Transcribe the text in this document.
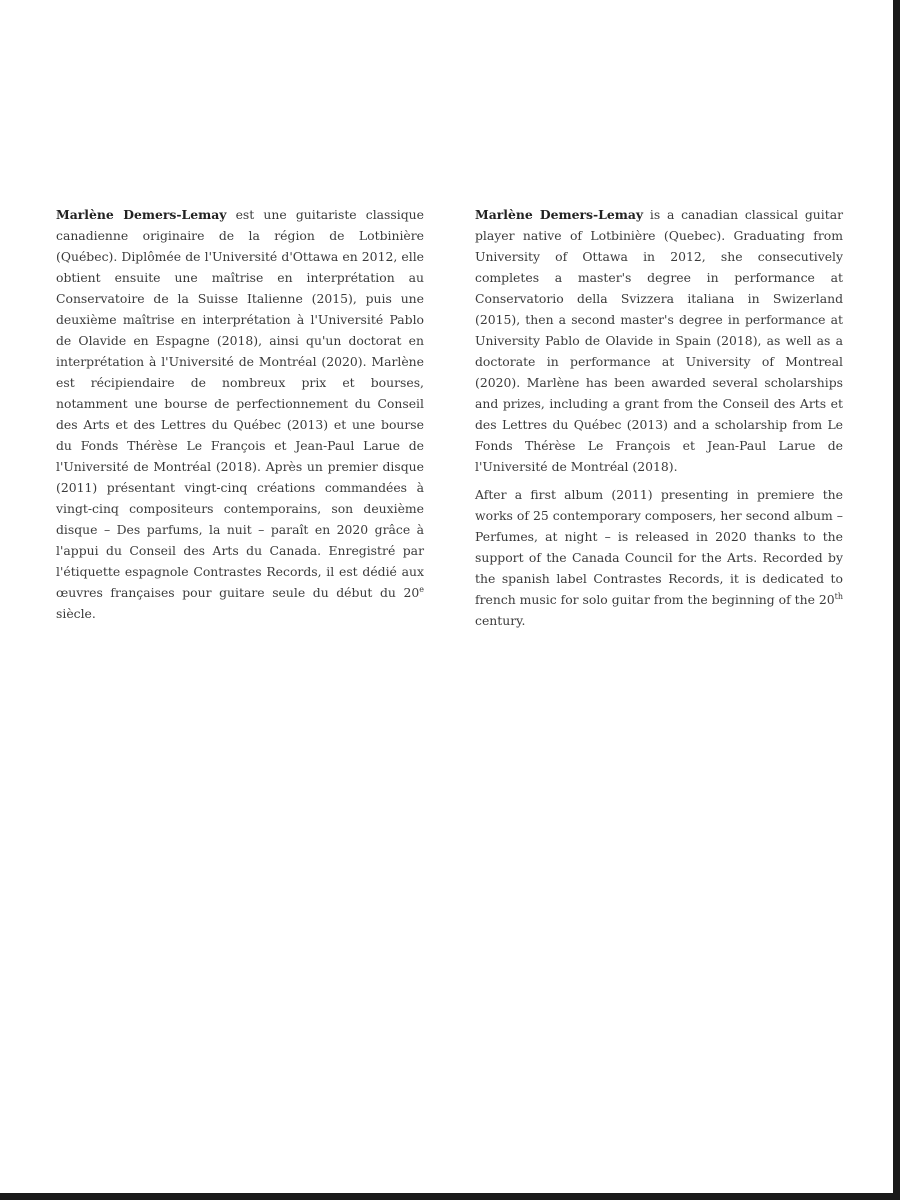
Marlène Demers-Lemay est une guitariste classique canadienne originaire de la région de Lotbinière (Québec). Diplômée de l'Université d'Ottawa en 2012, elle obtient ensuite une maîtrise en interprétation au Conservatoire de la Suisse Italienne (2015), puis une deuxième maîtrise en interprétation à l'Université Pablo de Olavide en Espagne (2018), ainsi qu'un doctorat en interprétation à l'Université de Montréal (2020). Marlène est récipiendaire de nombreux prix et bourses, notamment une bourse de perfectionnement du Conseil des Arts et des Lettres du Québec (2013) et une bourse du Fonds Thérèse Le François et Jean-Paul Larue de l'Université de Montréal (2018). Après un premier disque (2011) présentant vingt-cinq créations commandées à vingt-cinq compositeurs contemporains, son deuxième disque – Des parfums, la nuit – paraît en 2020 grâce à l'appui du Conseil des Arts du Canada. Enregistré par l'étiquette espagnole Contrastes Records, il est dédié aux œuvres françaises pour guitare seule du début du 20e siècle.

Marlène Demers-Lemay is a canadian classical guitar player native of Lotbinière (Quebec). Graduating from University of Ottawa in 2012, she consecutively completes a master's degree in performance at Conservatorio della Svizzera italiana in Swizerland (2015), then a second master's degree in performance at University Pablo de Olavide in Spain (2018), as well as a doctorate in performance at University of Montreal (2020). Marlène has been awarded several scholarships and prizes, including a grant from the Conseil des Arts et des Lettres du Québec (2013) and a scholarship from Le Fonds Thérèse Le François et Jean-Paul Larue de l'Université de Montréal (2018).

After a first album (2011) presenting in premiere the works of 25 contemporary composers, her second album – Perfumes, at night – is released in 2020 thanks to the support of the Canada Council for the Arts. Recorded by the spanish label Contrastes Records, it is dedicated to french music for solo guitar from the beginning of the 20th century.
